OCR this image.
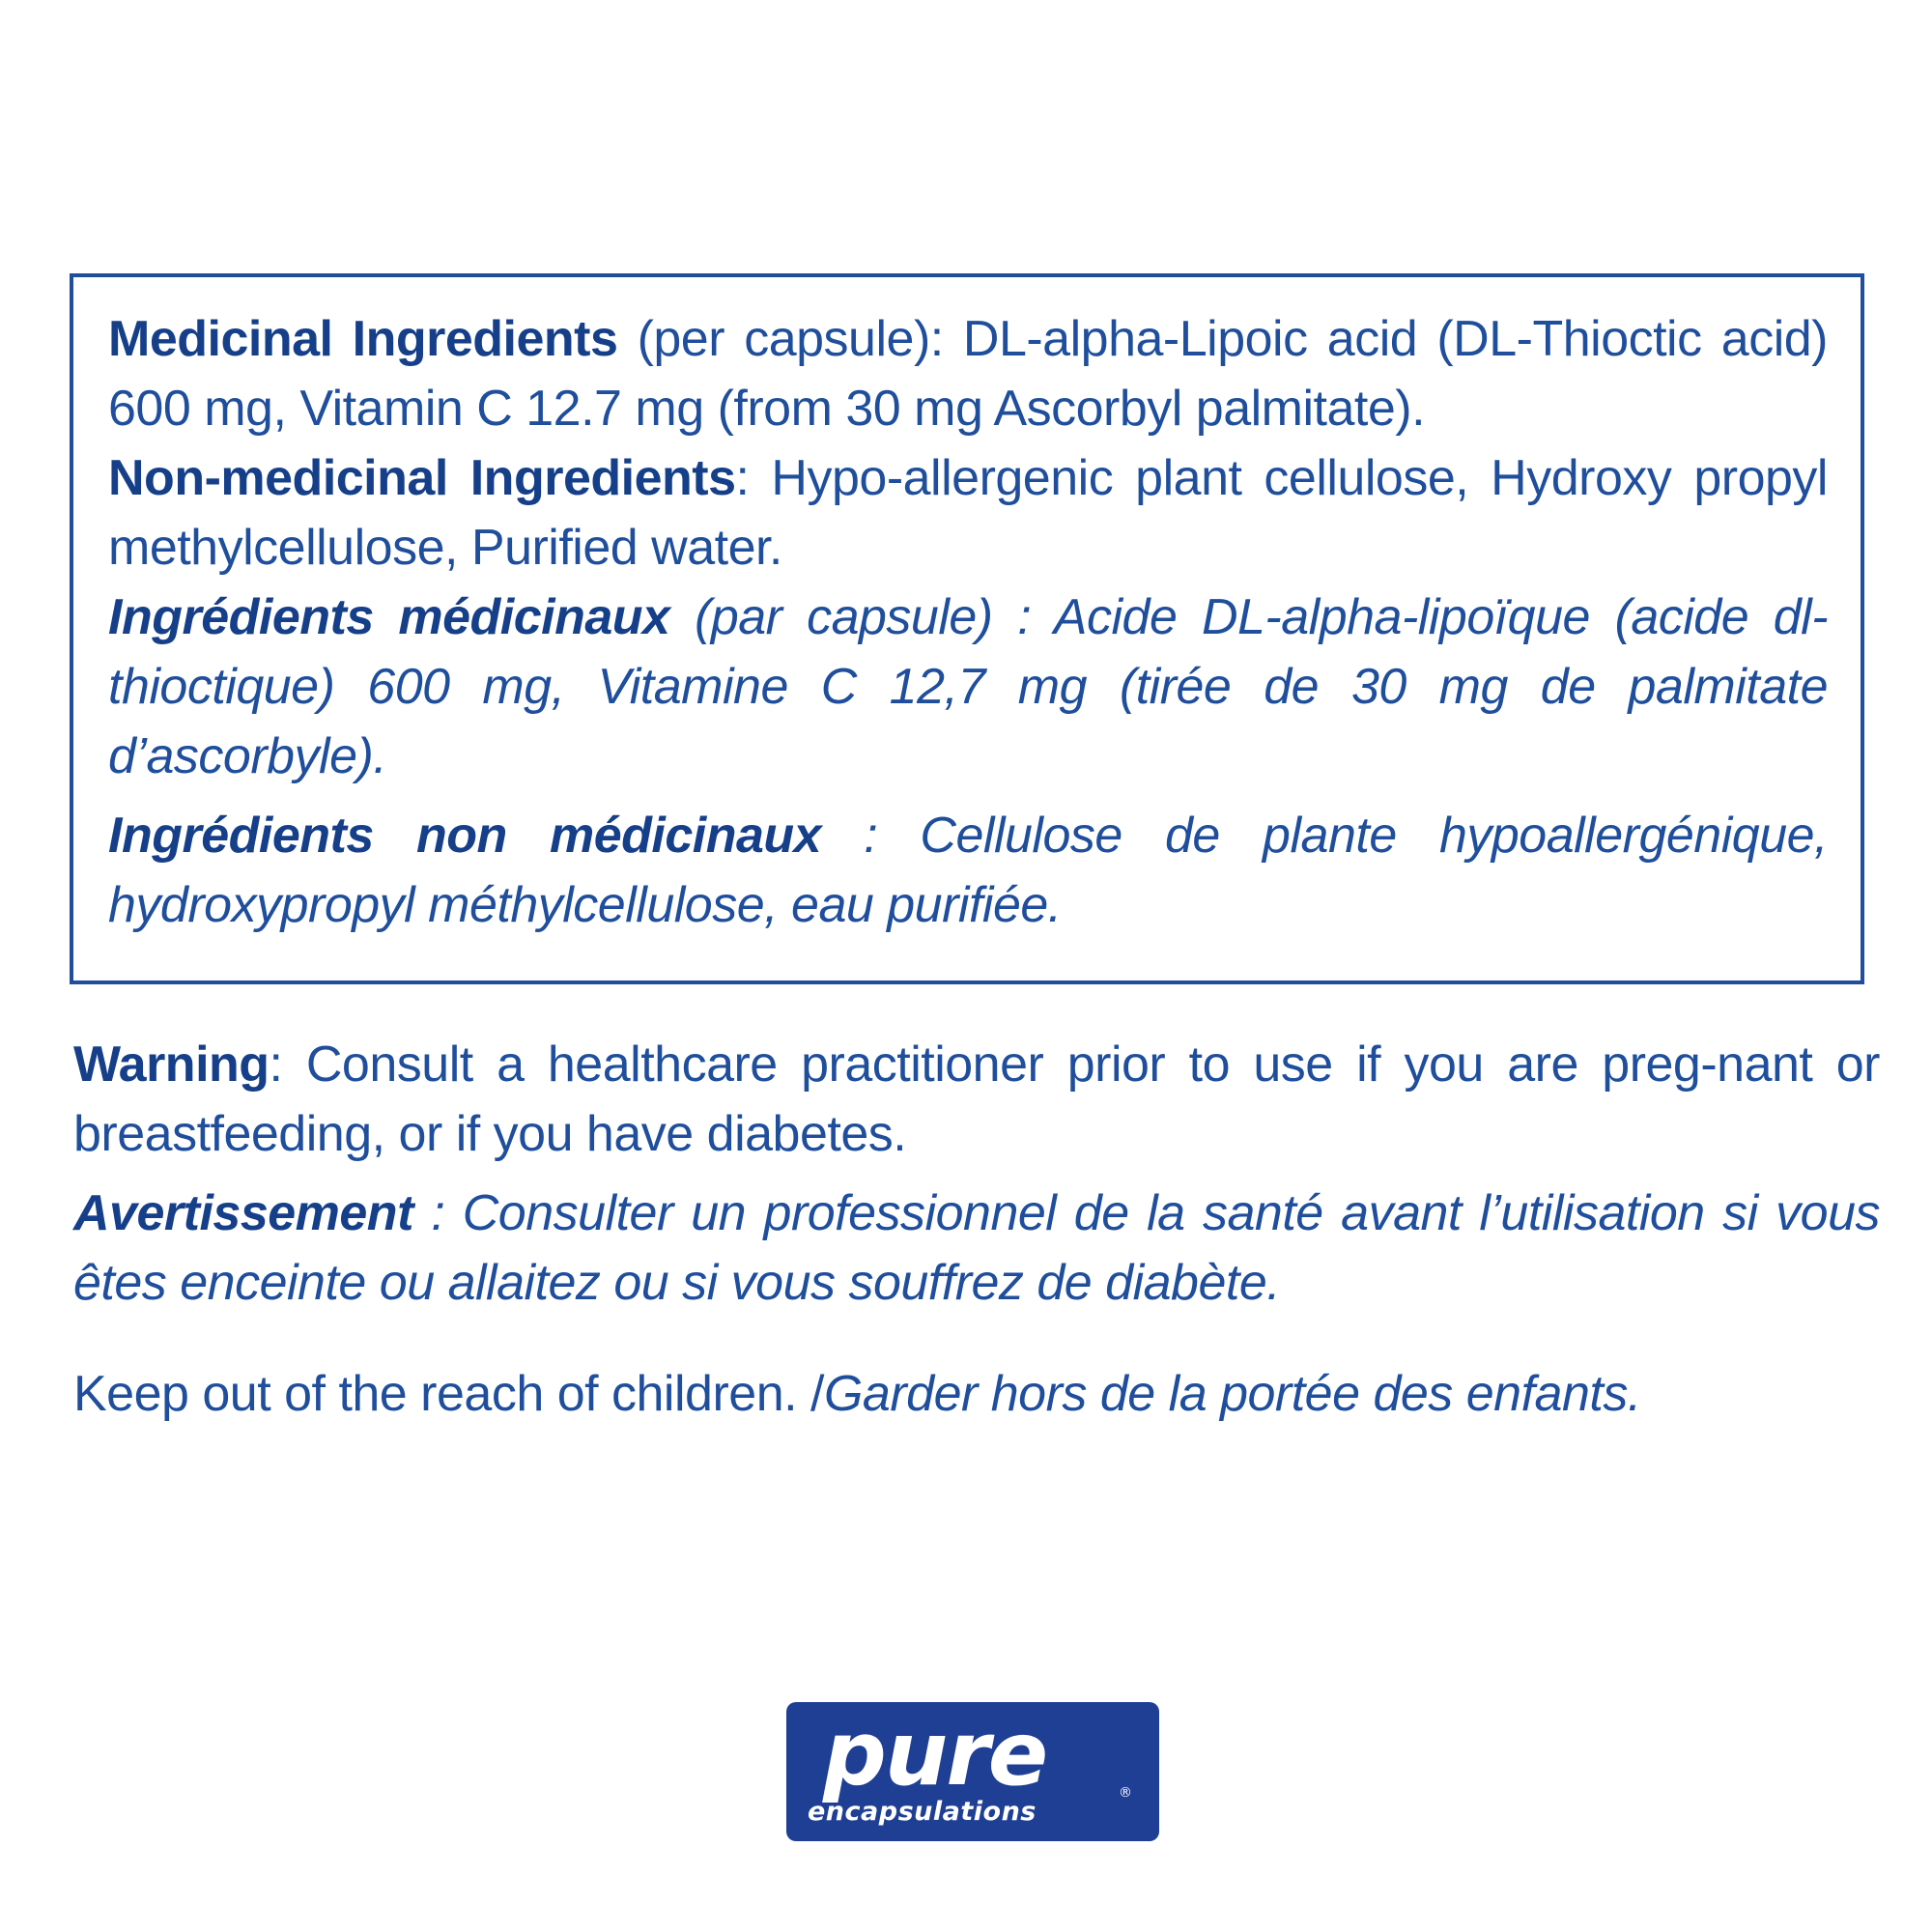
Medicinal Ingredients (per capsule): DL-alpha-Lipoic acid (DL-Thioctic acid) 600 mg, Vitamin C 12.7 mg (from 30 mg Ascorbyl palmitate).

Non-medicinal Ingredients: Hypo-allergenic plant cellulose, Hydroxy propyl methylcellulose, Purified water.

Ingrédients médicinaux (par capsule) : Acide DL-alpha-lipoïque (acide dl-thioctique) 600 mg, Vitamine C 12,7 mg (tirée de 30 mg de palmitate d’ascorbyle).

Ingrédients non médicinaux : Cellulose de plante hypoallergénique, hydroxypropyl méthylcellulose, eau purifiée.

Warning: Consult a healthcare practitioner prior to use if you are preg-nant or breastfeeding, or if you have diabetes.

Avertissement : Consulter un professionnel de la santé avant l’utilisation si vous êtes enceinte ou allaitez ou si vous souffrez de diabète.

Keep out of the reach of children. /Garder hors de la portée des enfants.

pure	®
encapsulations
